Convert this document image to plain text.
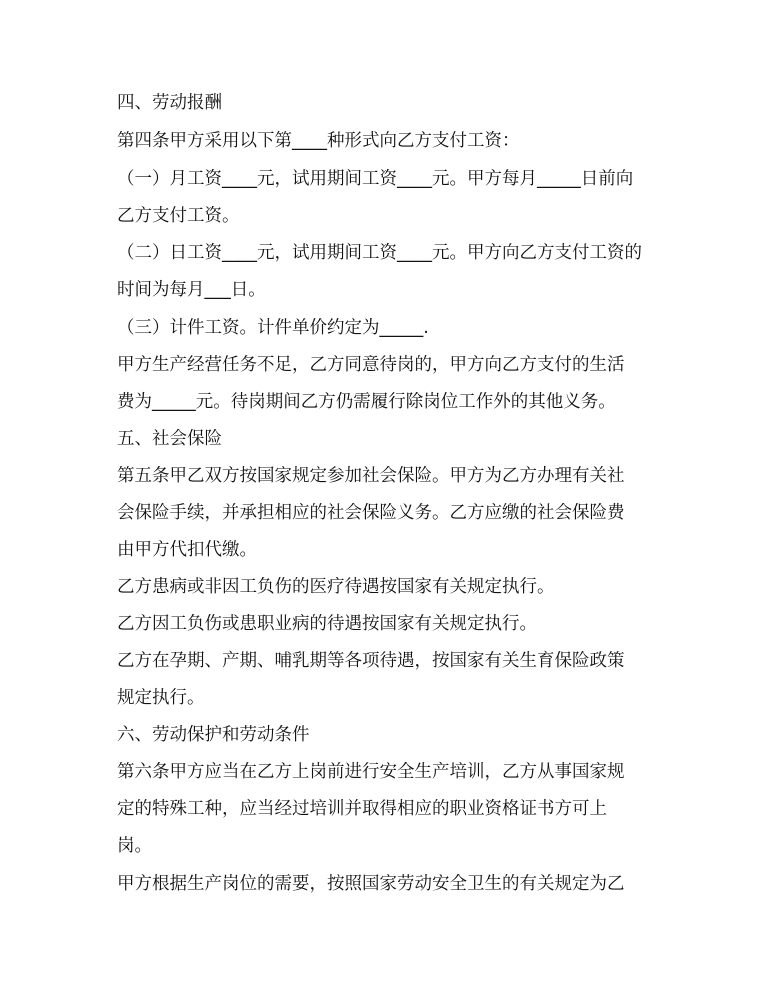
四、劳动报酬

第四条甲方采用以下第____种形式向乙方支付工资：

（一）月工资____元，试用期间工资____元。甲方每月_____日前向

乙方支付工资。

（二）日工资____元，试用期间工资____元。甲方向乙方支付工资的

时间为每月___日。

（三）计件工资。计件单价约定为_____.

甲方生产经营任务不足，乙方同意待岗的，甲方向乙方支付的生活

费为_____元。待岗期间乙方仍需履行除岗位工作外的其他义务。

五、社会保险

第五条甲乙双方按国家规定参加社会保险。甲方为乙方办理有关社

会保险手续，并承担相应的社会保险义务。乙方应缴的社会保险费

由甲方代扣代缴。

乙方患病或非因工负伤的医疗待遇按国家有关规定执行。

乙方因工负伤或患职业病的待遇按国家有关规定执行。

乙方在孕期、产期、哺乳期等各项待遇，按国家有关生育保险政策

规定执行。

六、劳动保护和劳动条件

第六条甲方应当在乙方上岗前进行安全生产培训，乙方从事国家规

定的特殊工种，应当经过培训并取得相应的职业资格证书方可上

岗。

甲方根据生产岗位的需要，按照国家劳动安全卫生的有关规定为乙
